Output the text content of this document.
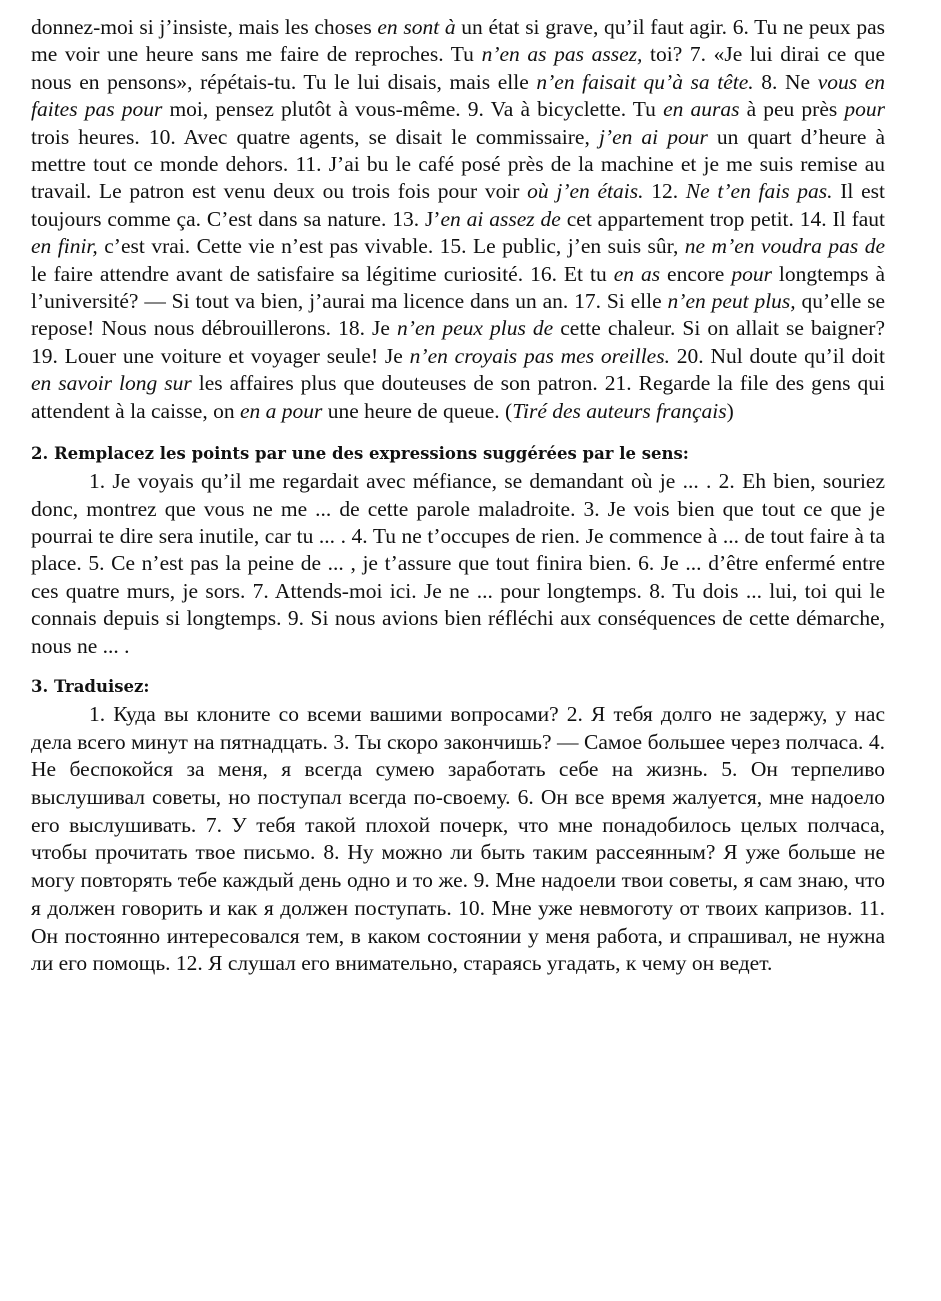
donnez-moi si j’insiste, mais les choses en sont à un état si grave, qu’il faut agir. 6. Tu ne peux pas me voir une heure sans me faire de reproches. Tu n’en as pas assez, toi? 7. «Je lui dirai ce que nous en pensons», répétais-tu. Tu le lui disais, mais elle n’en faisait qu’à sa tête. 8. Ne vous en faites pas pour moi, pensez plutôt à vous-même. 9. Va à bicyclette. Tu en auras à peu près pour trois heures. 10. Avec quatre agents, se disait le commissaire, j’en ai pour un quart d’heure à mettre tout ce monde dehors. 11. J’ai bu le café posé près de la machine et je me suis remise au travail. Le patron est venu deux ou trois fois pour voir où j’en étais. 12. Ne t’en fais pas. Il est toujours comme ça. C’est dans sa nature. 13. J’en ai assez de cet appartement trop petit. 14. Il faut en finir, c’est vrai. Cette vie n’est pas vivable. 15. Le public, j’en suis sûr, ne m’en voudra pas de le faire attendre avant de satisfaire sa légitime curiosité. 16. Et tu en as encore pour longtemps à l’université? — Si tout va bien, j’aurai ma licence dans un an. 17. Si elle n’en peut plus, qu’elle se repose! Nous nous débrouillerons. 18. Je n’en peux plus de cette chaleur. Si on allait se baigner? 19. Louer une voiture et voyager seule! Je n’en croyais pas mes oreilles. 20. Nul doute qu’il doit en savoir long sur les affaires plus que douteuses de son patron. 21. Regarde la file des gens qui attendent à la caisse, on en a pour une heure de queue. (Tiré des auteurs français)

2. Remplacez les points par une des expressions suggérées par le sens:

1. Je voyais qu’il me regardait avec méfiance, se demandant où je ... . 2. Eh bien, souriez donc, montrez que vous ne me ... de cette parole maladroite. 3. Je vois bien que tout ce que je pourrai te dire sera inutile, car tu ... . 4. Tu ne t’occupes de rien. Je commence à ... de tout faire à ta place. 5. Ce n’est pas la peine de ... , je t’assure que tout finira bien. 6. Je ... d’être enfermé entre ces quatre murs, je sors. 7. Attends-moi ici. Je ne ... pour longtemps. 8. Tu dois ... lui, toi qui le connais depuis si longtemps. 9. Si nous avions bien réfléchi aux conséquences de cette démarche, nous ne ... .

3. Traduisez:

1. Куда вы клоните со всеми вашими вопросами? 2. Я тебя долго не задержу, у нас дела всего минут на пятнадцать. 3. Ты скоро закончишь? — Самое большее через полчаса. 4. Не беспокойся за меня, я всегда сумею заработать себе на жизнь. 5. Он терпеливо выслушивал советы, но поступал всегда по-своему. 6. Он все время жалуется, мне надоело его выслушивать. 7. У тебя такой плохой почерк, что мне понадобилось целых полчаса, чтобы прочитать твое письмо. 8. Ну можно ли быть таким рассеянным? Я уже больше не могу повторять тебе каждый день одно и то же. 9. Мне надоели твои советы, я сам знаю, что я должен говорить и как я должен поступать. 10. Мне уже невмоготу от твоих капризов. 11. Он постоянно интересовался тем, в каком состоянии у меня работа, и спрашивал, не нужна ли его помощь. 12. Я слушал его внимательно, стараясь угадать, к чему он ведет.
